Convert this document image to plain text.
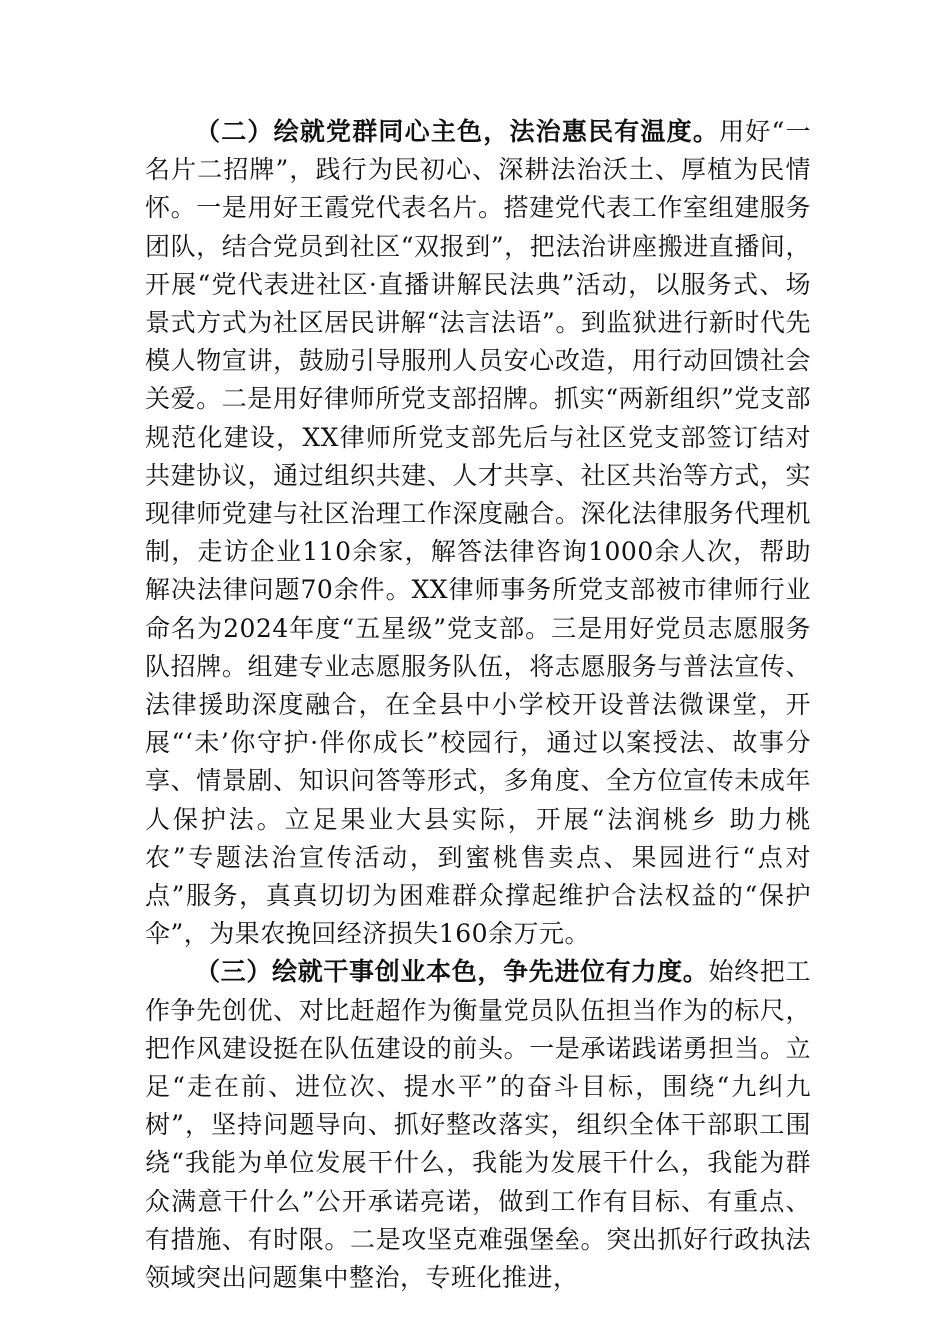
（二）绘就党群同心主色，法治惠民有温度。用好“一名片二招牌”，践行为民初心、深耕法治沃土、厚植为民情怀。一是用好王霞党代表名片。搭建党代表工作室组建服务团队，结合党员到社区“双报到”，把法治讲座搬进直播间，开展“党代表进社区·直播讲解民法典”活动，以服务式、场景式方式为社区居民讲解“法言法语”。到监狱进行新时代先模人物宣讲，鼓励引导服刑人员安心改造，用行动回馈社会关爱。二是用好律师所党支部招牌。抓实“两新组织”党支部规范化建设，XX律师所党支部先后与社区党支部签订结对共建协议，通过组织共建、人才共享、社区共治等方式，实现律师党建与社区治理工作深度融合。深化法律服务代理机制，走访企业110余家，解答法律咨询1000余人次，帮助解决法律问题70余件。XX律师事务所党支部被市律师行业命名为2024年度“五星级”党支部。三是用好党员志愿服务队招牌。组建专业志愿服务队伍，将志愿服务与普法宣传、法律援助深度融合，在全县中小学校开设普法微课堂，开展“‘未’你守护·伴你成长”校园行，通过以案授法、故事分享、情景剧、知识问答等形式，多角度、全方位宣传未成年人保护法。立足果业大县实际，开展“法润桃乡 助力桃农”专题法治宣传活动，到蜜桃售卖点、果园进行“点对点”服务，真真切切为困难群众撑起维护合法权益的“保护伞”，为果农挽回经济损失160余万元。

（三）绘就干事创业本色，争先进位有力度。始终把工作争先创优、对比赶超作为衡量党员队伍担当作为的标尺，把作风建设挺在队伍建设的前头。一是承诺践诺勇担当。立足“走在前、进位次、提水平”的奋斗目标，围绕“九纠九树”，坚持问题导向、抓好整改落实，组织全体干部职工围绕“我能为单位发展干什么，我能为发展干什么，我能为群众满意干什么”公开承诺亮诺，做到工作有目标、有重点、有措施、有时限。二是攻坚克难强堡垒。突出抓好行政执法领域突出问题集中整治，专班化推进，
